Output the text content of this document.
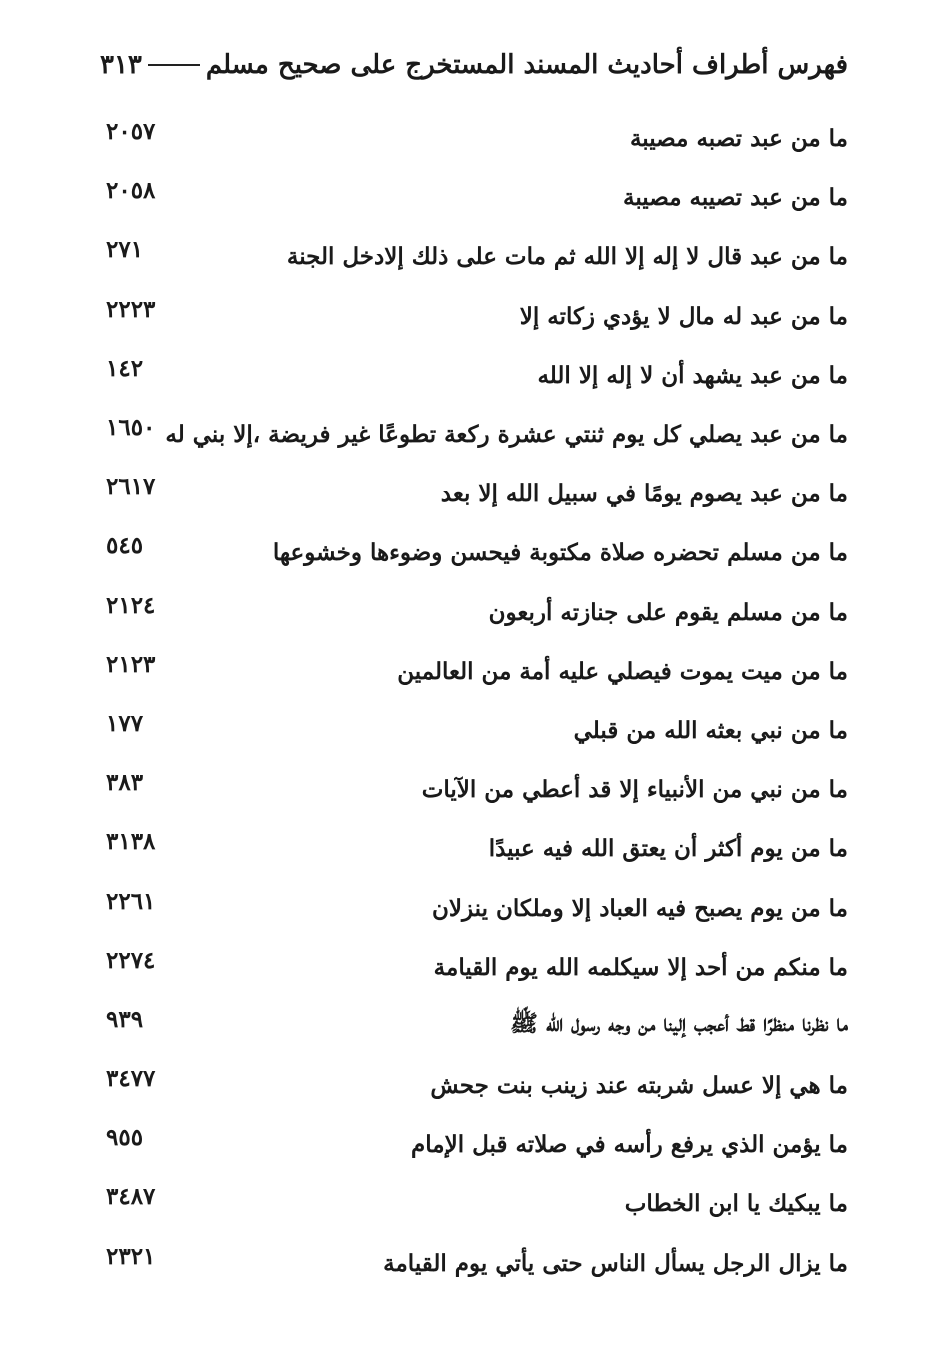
فهرس أطراف أحاديث المسند المستخرج على صحيح مسلم
٣١٣
٢٠٥٧	ما من عبد تصبه مصيبة
٢٠٥٨	ما من عبد تصيبه مصيبة
٢٧١	ما من عبد قال لا إله إلا الله ثم مات على ذلك إلادخل الجنة
٢٢٢٣	ما من عبد له مال لا يؤدي زكاته إلا
١٤٢	ما من عبد يشهد أن لا إله إلا الله
١٦٥٠ ما من عبد يصلي كل يوم ثنتي عشرة ركعة تطوعًا غير فريضة ،إلا بني له
٢٦١٧	ما من عبد يصوم يومًا في سبيل الله إلا بعد
٥٤٥	ما من مسلم تحضره صلاة مكتوبة فيحسن وضوءها وخشوعها
٢١٢٤	ما من مسلم يقوم على جنازته أربعون
٢١٢٣	ما من ميت يموت فيصلي عليه أمة من العالمين
١٧٧	ما من نبي بعثه الله من قبلي
٣٨٣	ما من نبي من الأنبياء إلا قد أعطي من الآيات
٣١٣٨	ما من يوم أكثر أن يعتق الله فيه عبيدًا
٢٢٦١	ما من يوم يصبح فيه العباد إلا وملكان ينزلان
٢٢٧٤	ما منكم من أحد إلا سيكلمه الله يوم القيامة
٩٣٩	ما نظرنا منظرًا قط أعجب إلينا من وجه رسول الله ﷺ
٣٤٧٧	ما هي إلا عسل شربته عند زينب بنت جحش
٩٥٥	ما يؤمن الذي يرفع رأسه في صلاته قبل الإمام
٣٤٨٧	ما يبكيك يا ابن الخطاب
٢٣٢١	ما يزال الرجل يسأل الناس حتى يأتي يوم القيامة
